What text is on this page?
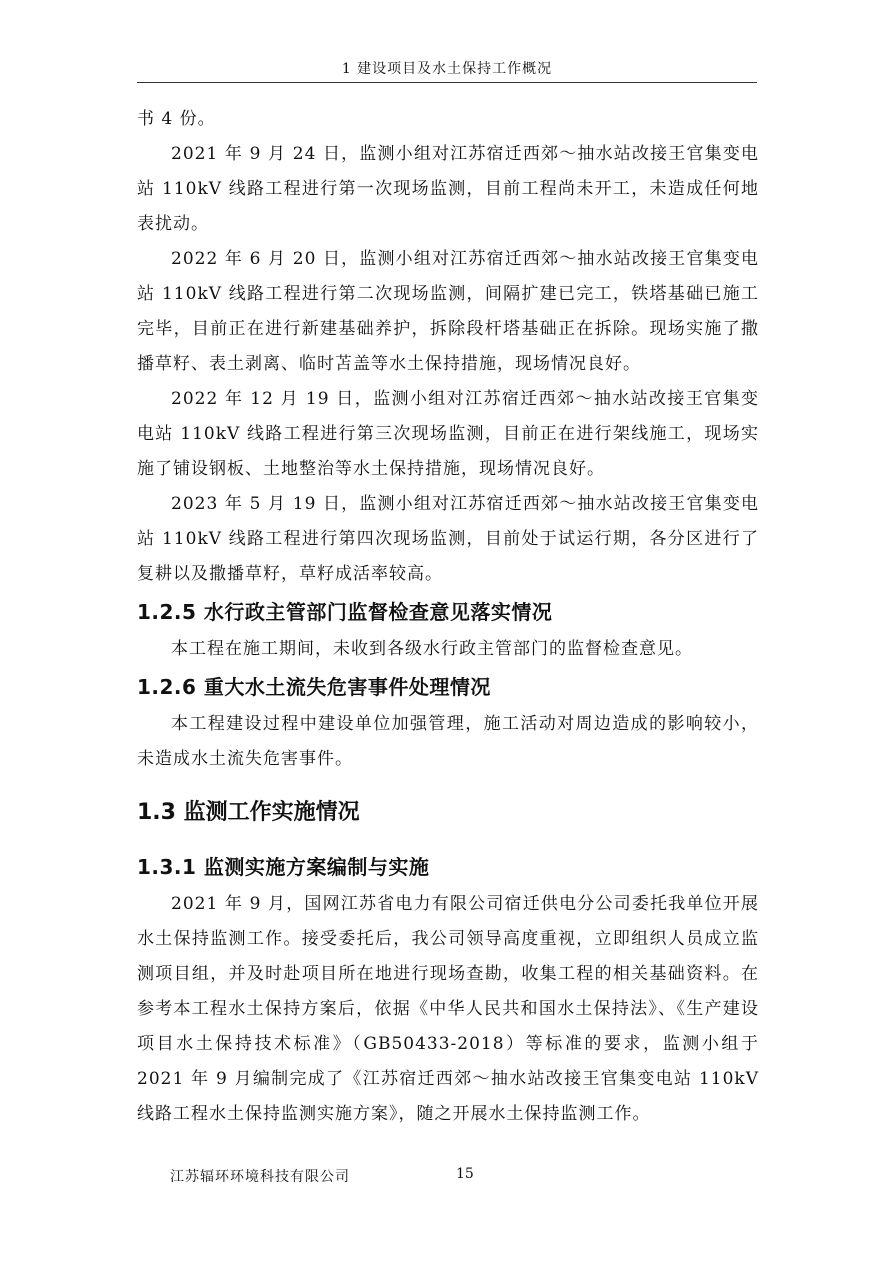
1 建设项目及水土保持工作概况

书 4 份。

2021 年 9 月 24 日，监测小组对江苏宿迁西郊～抽水站改接王官集变电站 110kV 线路工程进行第一次现场监测，目前工程尚未开工，未造成任何地表扰动。

2022 年 6 月 20 日，监测小组对江苏宿迁西郊～抽水站改接王官集变电站 110kV 线路工程进行第二次现场监测，间隔扩建已完工，铁塔基础已施工完毕，目前正在进行新建基础养护，拆除段杆塔基础正在拆除。现场实施了撒播草籽、表土剥离、临时苫盖等水土保持措施，现场情况良好。

2022 年 12 月 19 日，监测小组对江苏宿迁西郊～抽水站改接王官集变电站 110kV 线路工程进行第三次现场监测，目前正在进行架线施工，现场实施了铺设钢板、土地整治等水土保持措施，现场情况良好。

2023 年 5 月 19 日，监测小组对江苏宿迁西郊～抽水站改接王官集变电站 110kV 线路工程进行第四次现场监测，目前处于试运行期，各分区进行了复耕以及撒播草籽，草籽成活率较高。

1.2.5 水行政主管部门监督检查意见落实情况

本工程在施工期间，未收到各级水行政主管部门的监督检查意见。

1.2.6 重大水土流失危害事件处理情况

本工程建设过程中建设单位加强管理，施工活动对周边造成的影响较小，未造成水土流失危害事件。

1.3 监测工作实施情况
1.3.1 监测实施方案编制与实施

2021 年 9 月，国网江苏省电力有限公司宿迁供电分公司委托我单位开展水土保持监测工作。接受委托后，我公司领导高度重视，立即组织人员成立监测项目组，并及时赴项目所在地进行现场查勘，收集工程的相关基础资料。在参考本工程水土保持方案后，依据《中华人民共和国水土保持法》、《生产建设项目水土保持技术标准》（GB50433-2018）等标准的要求，监测小组于 2021 年 9 月编制完成了《江苏宿迁西郊～抽水站改接王官集变电站 110kV 线路工程水土保持监测实施方案》，随之开展水土保持监测工作。

江苏辐环环境科技有限公司	15
